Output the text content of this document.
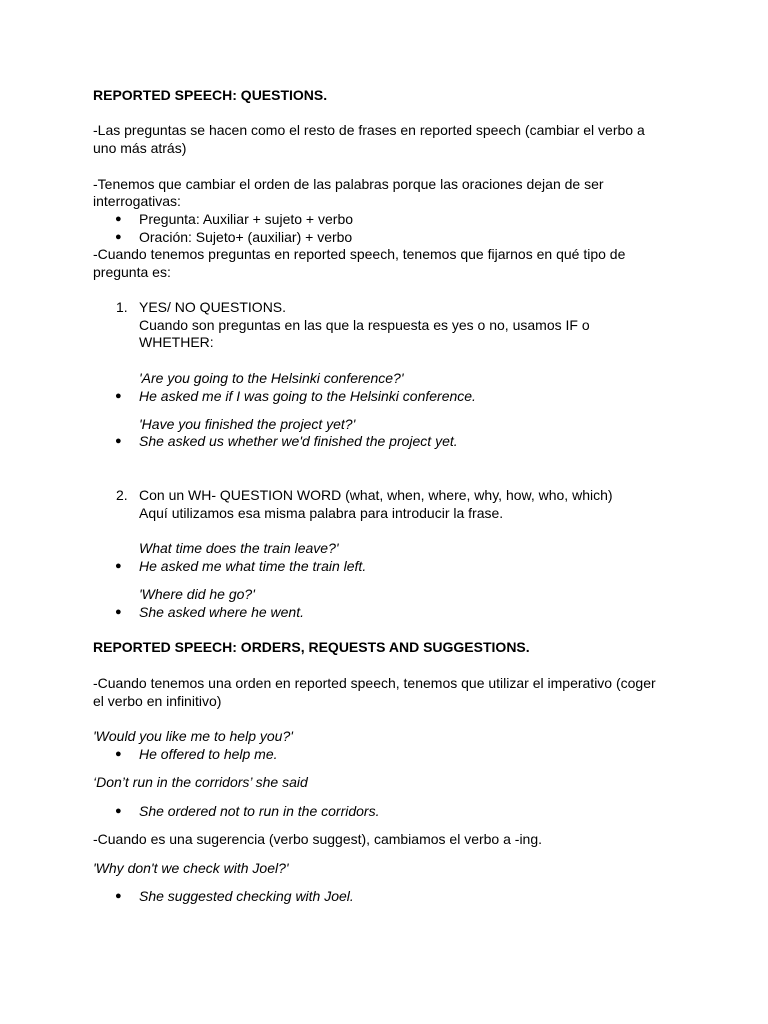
REPORTED SPEECH: QUESTIONS.

-Las preguntas se hacen como el resto de frases en reported speech (cambiar el verbo a

uno más atrás)

-Tenemos que cambiar el orden de las palabras porque las oraciones dejan de ser

interrogativas:

● Pregunta: Auxiliar + sujeto + verbo

● Oración: Sujeto+ (auxiliar) + verbo

-Cuando tenemos preguntas en reported speech, tenemos que fijarnos en qué tipo de

pregunta es:

1. YES/ NO QUESTIONS.

Cuando son preguntas en las que la respuesta es yes o no, usamos IF o

WHETHER:

'Are you going to the Helsinki conference?'

● He asked me if I was going to the Helsinki conference.

'Have you finished the project yet?'

● She asked us whether we'd finished the project yet.

2. Con un WH- QUESTION WORD (what, when, where, why, how, who, which)

Aquí utilizamos esa misma palabra para introducir la frase.

What time does the train leave?'

● He asked me what time the train left.

'Where did he go?'

● She asked where he went.

REPORTED SPEECH: ORDERS, REQUESTS AND SUGGESTIONS.

-Cuando tenemos una orden en reported speech, tenemos que utilizar el imperativo (coger

el verbo en infinitivo)

'Would you like me to help you?'

● He offered to help me.

‘Don’t run in the corridors’ she said

● She ordered not to run in the corridors.

-Cuando es una sugerencia (verbo suggest), cambiamos el verbo a -ing.

'Why don't we check with Joel?'

● She suggested checking with Joel.
